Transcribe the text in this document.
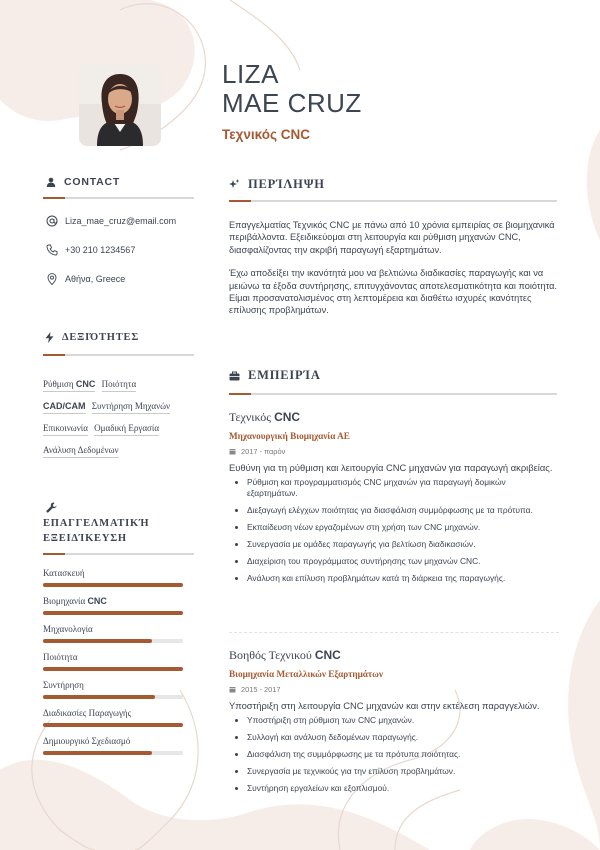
LIZA
MAE CRUZ
Τεχνικός CNC
CONTACT
Liza_mae_cruz@email.com
+30 210 1234567
Αθήνα, Greece
ΔΕΞΙΌΤΗΤΕΣ
Ρύθμιση CNC Ποιότητα
CAD/CAM Συντήρηση Μηχανών
Επικοινωνία Ομαδική Εργασία
Ανάλυση Δεδομένων
ΕΠΑΓΓΕΛΜΑΤΙΚΉ
ΕΞΕΙΔΊΚΕΥΣΗ
Κατασκευή
Βιομηχανία CNC
Μηχανολογία
Ποιότητα
Συντήρηση
Διαδικασίες Παραγωγής
Δημιουργικό Σχεδιασμό
ΠΕΡΊΛΗΨΗ

Επαγγελματίας Τεχνικός CNC με πάνω από 10 χρόνια εμπειρίας σε βιομηχανικά περιβάλλοντα. Εξειδικεύομαι στη λειτουργία και ρύθμιση μηχανών CNC, διασφαλίζοντας την ακριβή παραγωγή εξαρτημάτων.

Έχω αποδείξει την ικανότητά μου να βελτιώνω διαδικασίες παραγωγής και να μειώνω τα έξοδα συντήρησης, επιτυγχάνοντας αποτελεσματικότητα και ποιότητα. Είμαι προσανατολισμένος στη λεπτομέρεια και διαθέτω ισχυρές ικανότητες επίλυσης προβλημάτων.

ΕΜΠΕΙΡΊΑ
Τεχνικός CNC
Μηχανουργική Βιομηχανία ΑΕ
2017 - παρόν
Ευθύνη για τη ρύθμιση και λειτουργία CNC μηχανών για παραγωγή ακριβείας.
• Ρύθμιση και προγραμματισμός CNC μηχανών για παραγωγή δομικών εξαρτημάτων.
• Διεξαγωγή ελέγχων ποιότητας για διασφάλιση συμμόρφωσης με τα πρότυπα.
• Εκπαίδευση νέων εργαζομένων στη χρήση των CNC μηχανών.
• Συνεργασία με ομάδες παραγωγής για βελτίωση διαδικασιών.
• Διαχείριση του προγράμματος συντήρησης των μηχανών CNC.
• Ανάλυση και επίλυση προβλημάτων κατά τη διάρκεια της παραγωγής.
Βοηθός Τεχνικού CNC
Βιομηχανία Μεταλλικών Εξαρτημάτων
2015 - 2017
Υποστήριξη στη λειτουργία CNC μηχανών και στην εκτέλεση παραγγελιών.
• Υποστήριξη στη ρύθμιση των CNC μηχανών.
• Συλλογή και ανάλυση δεδομένων παραγωγής.
• Διασφάλιση της συμμόρφωσης με τα πρότυπα ποιότητας.
• Συνεργασία με τεχνικούς για την επίλυση προβλημάτων.
• Συντήρηση εργαλείων και εξοπλισμού.
